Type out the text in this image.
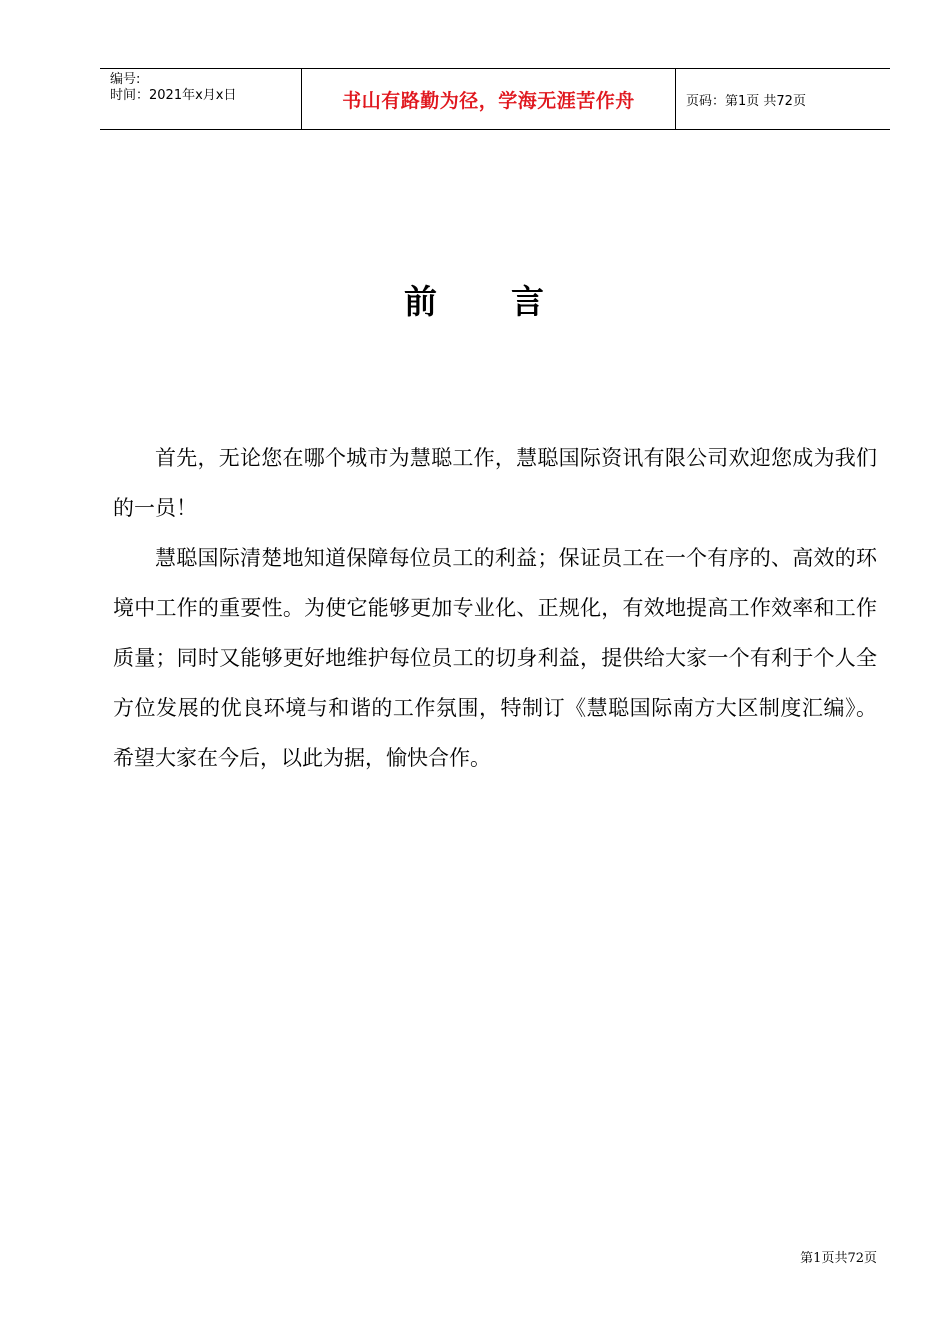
编号:
时间：2021年x月x日	书山有路勤为径，学海无涯苦作舟	页码：第1页 共72页
前 言

首先，无论您在哪个城市为慧聪工作，慧聪国际资讯有限公司欢迎您成为我们的一员！

慧聪国际清楚地知道保障每位员工的利益；保证员工在一个有序的、高效的环境中工作的重要性。为使它能够更加专业化、正规化，有效地提高工作效率和工作质量；同时又能够更好地维护每位员工的切身利益，提供给大家一个有利于个人全方位发展的优良环境与和谐的工作氛围，特制订《慧聪国际南方大区制度汇编》。希望大家在今后，以此为据，愉快合作。

第1页共72页
